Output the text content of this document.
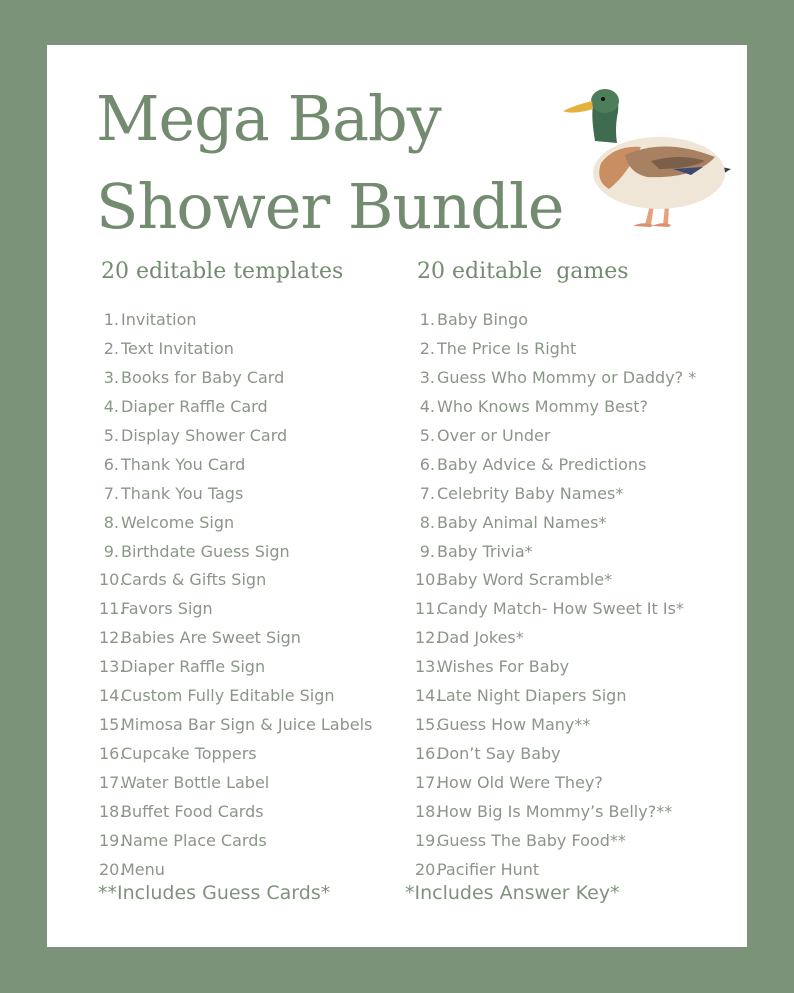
Mega Baby
Shower Bundle
20 editable templates
1. Invitation
2. Text Invitation
3. Books for Baby Card
4. Diaper Raffle Card
5. Display Shower Card
6. Thank You Card
7. Thank You Tags
8. Welcome Sign
9. Birthdate Guess Sign
10.Cards & Gifts Sign
11.Favors Sign
12.Babies Are Sweet Sign
13.Diaper Raffle Sign
14.Custom Fully Editable Sign
15.Mimosa Bar Sign & Juice Labels
16.Cupcake Toppers
17.Water Bottle Label
18.Buffet Food Cards
19.Name Place Cards
20.Menu
20 editable  games
1. Baby Bingo
2. The Price Is Right
3. Guess Who Mommy or Daddy? *
4. Who Knows Mommy Best?
5. Over or Under
6. Baby Advice & Predictions
7. Celebrity Baby Names*
8. Baby Animal Names*
9. Baby Trivia*
10.Baby Word Scramble*
11.Candy Match- How Sweet It Is*
12.Dad Jokes*
13.Wishes For Baby
14.Late Night Diapers Sign
15.Guess How Many**
16.Don’t Say Baby
17.How Old Were They?
18.How Big Is Mommy’s Belly?**
19.Guess The Baby Food**
20.Pacifier Hunt
**Includes Guess Cards*	*Includes Answer Key*
